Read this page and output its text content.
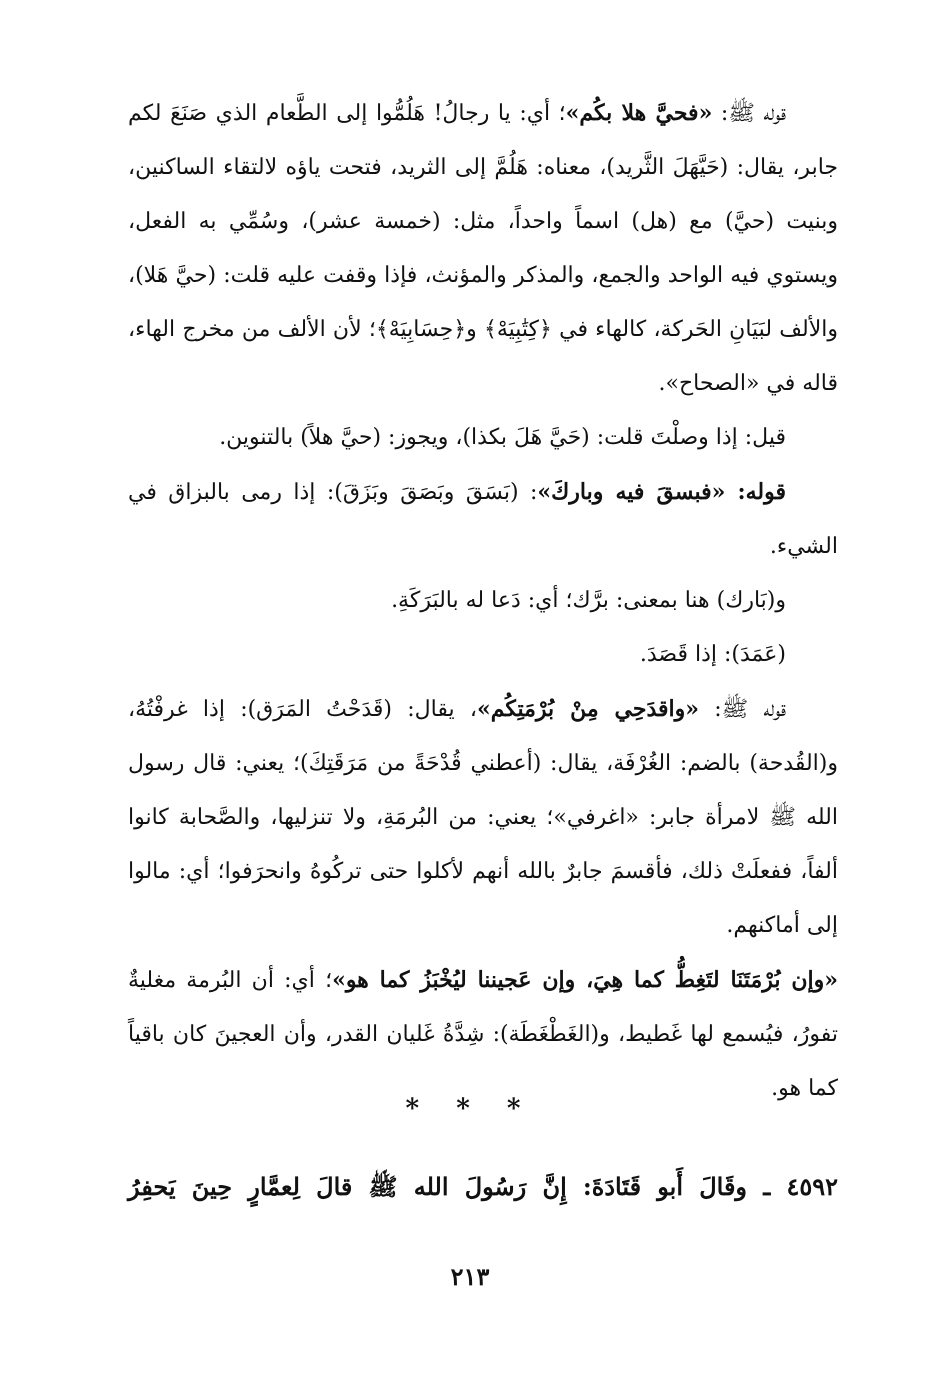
قوله ﷺ: «فحيَّ هلا بكُم»؛ أي: يا رجالُ! هَلُمُّوا إلى الطَّعام الذي صَنَعَ لكم جابر، يقال: (حَيَّهَلَ الثَّريد)، معناه: هَلُمَّ إلى الثريد، فتحت ياؤه لالتقاء الساكنين، وبنيت (حيَّ) مع (هل) اسماً واحداً، مثل: (خمسة عشر)، وسُمِّي به الفعل، ويستوي فيه الواحد والجمع، والمذكر والمؤنث، فإذا وقفت عليه قلت: (حيَّ هَلا)، والألف لبَيَانِ الحَركة، كالهاء في ﴿كِتَٰبِيَهْ﴾ و﴿حِسَابِيَهْ﴾؛ لأن الألف من مخرج الهاء، قاله في «الصحاح».

قيل: إذا وصلْتَ قلت: (حَيَّ هَلَ بكذا)، ويجوز: (حيَّ هلاً) بالتنوين.

قوله: «فبسقَ فيه وباركَ»: (بَسَقَ وبَصَقَ وبَزَقَ): إذا رمى بالبزاق في الشيء.

و(بَارك) هنا بمعنى: برَّك؛ أي: دَعا له بالبَرَكَةِ.

(عَمَدَ): إذا قَصَدَ.

قوله ﷺ: «واقدَحِي مِنْ بُرْمَتِكُم»، يقال: (قَدَحْتُ المَرَق): إذا غرفْتُهُ، و(القُدحة) بالضم: الغُرْفَة، يقال: (أعطني قُدْحَةً من مَرَقَتِكَ)؛ يعني: قال رسول الله ﷺ لامرأة جابر: «اغرفي»؛ يعني: من البُرمَةِ، ولا تنزليها، والصَّحابة كانوا ألفاً، ففعلَتْ ذلك، فأقسمَ جابرٌ بالله أنهم لأكلوا حتى تركُوهُ وانحرَفوا؛ أي: مالوا إلى أماكنهم.

«وإن بُرْمَتَنَا لتَغِطُّ كما هِيَ، وإن عَجيننا ليُخْبَزُ كما هو»؛ أي: أن البُرمة مغليةٌ تفورُ، فيُسمع لها غَطيط، و(الغَطْغَطَة): شِدَّةُ غَليان القدر، وأن العجينَ كان باقياً كما هو.

* * *
٤٥٩٢ ـ وقَالَ أَبو قَتَادَةَ: إِنَّ رَسُولَ الله ﷺ قالَ لِعمَّارٍ حِينَ يَحفِرُ
٢١٣
